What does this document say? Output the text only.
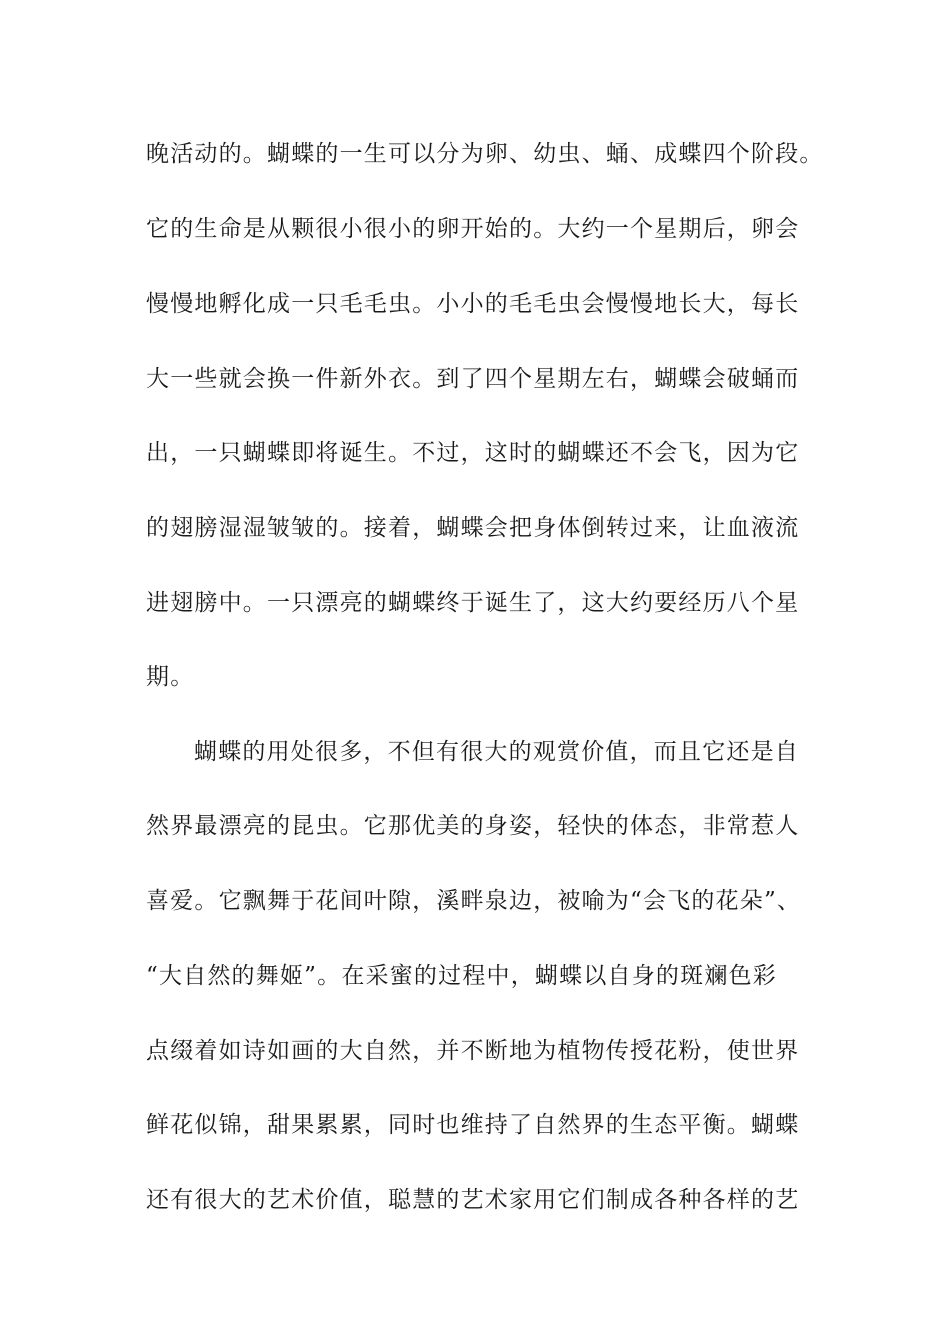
晚活动的。蝴蝶的一生可以分为卵、幼虫、蛹、成蝶四个阶段。
它的生命是从颗很小很小的卵开始的。大约一个星期后，卵会
慢慢地孵化成一只毛毛虫。小小的毛毛虫会慢慢地长大，每长
大一些就会换一件新外衣。到了四个星期左右，蝴蝶会破蛹而
出，一只蝴蝶即将诞生。不过，这时的蝴蝶还不会飞，因为它
的翅膀湿湿皱皱的。接着，蝴蝶会把身体倒转过来，让血液流
进翅膀中。一只漂亮的蝴蝶终于诞生了，这大约要经历八个星
期。
蝴蝶的用处很多，不但有很大的观赏价值，而且它还是自
然界最漂亮的昆虫。它那优美的身姿，轻快的体态，非常惹人
喜爱。它飘舞于花间叶隙，溪畔泉边，被喻为“会飞的花朵”、
“大自然的舞姬”。在采蜜的过程中，蝴蝶以自身的斑斓色彩
点缀着如诗如画的大自然，并不断地为植物传授花粉，使世界
鲜花似锦，甜果累累，同时也维持了自然界的生态平衡。蝴蝶
还有很大的艺术价值，聪慧的艺术家用它们制成各种各样的艺
